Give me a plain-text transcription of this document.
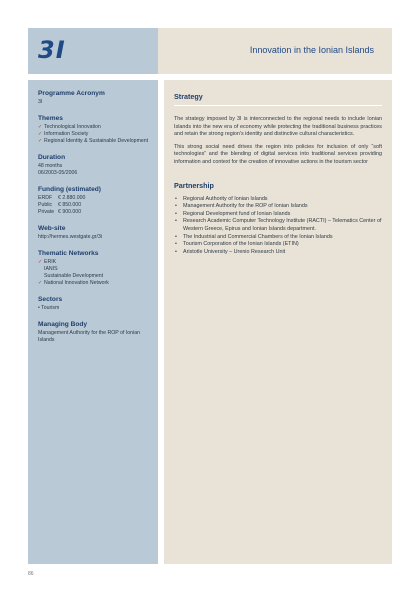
3I	Innovation in the Ionian Islands
Programme Acronym
3I
Themes
✓ Technological Innovation
✓ Information Society
✓ Regional Identity & Sustainable Development
Duration
48 months
06/2003-05/2006
Funding (estimated)
ERDF	€ 2.880.000
Public	€ 850.000
Private € 900.000
Web-site
http://hermes.westgate.gr/3i
Thematic Networks
✓ ERIK
IANIS
Sustainable Development
✓ National Innovation Network
Sectors
• Tourism
Managing Body
Management Authority for the ROP of Ionian Islands
Strategy

The strategy imposed by 3I is interconnected to the regional needs to include Ionian Islands into the new era of economy while protecting the traditional business practices and retain the strong region's identity and distinctive cultural characteristics.

This strong social need drives the region into policies for inclusion of only “soft technologies” and the blending of digital services into traditional services providing information and context for the creation of innovative actions in the tourism sector

Partnership
• Regional Authority of Ionian Islands
• Management Authority for the ROP of Ionian Islands
• Regional Development fund of Ionian Islands
• Research Academic Computer Technology Institute (RACTI) – Telematics Center of Western Greece, Epirus and Ionian Islands department.
• The Industrial and Commercial Chambers of the Ionian Islands
• Tourism Corporation of the Ionian Islands (ETIN)
• Aristotle University – Urenio Research Unit
86
